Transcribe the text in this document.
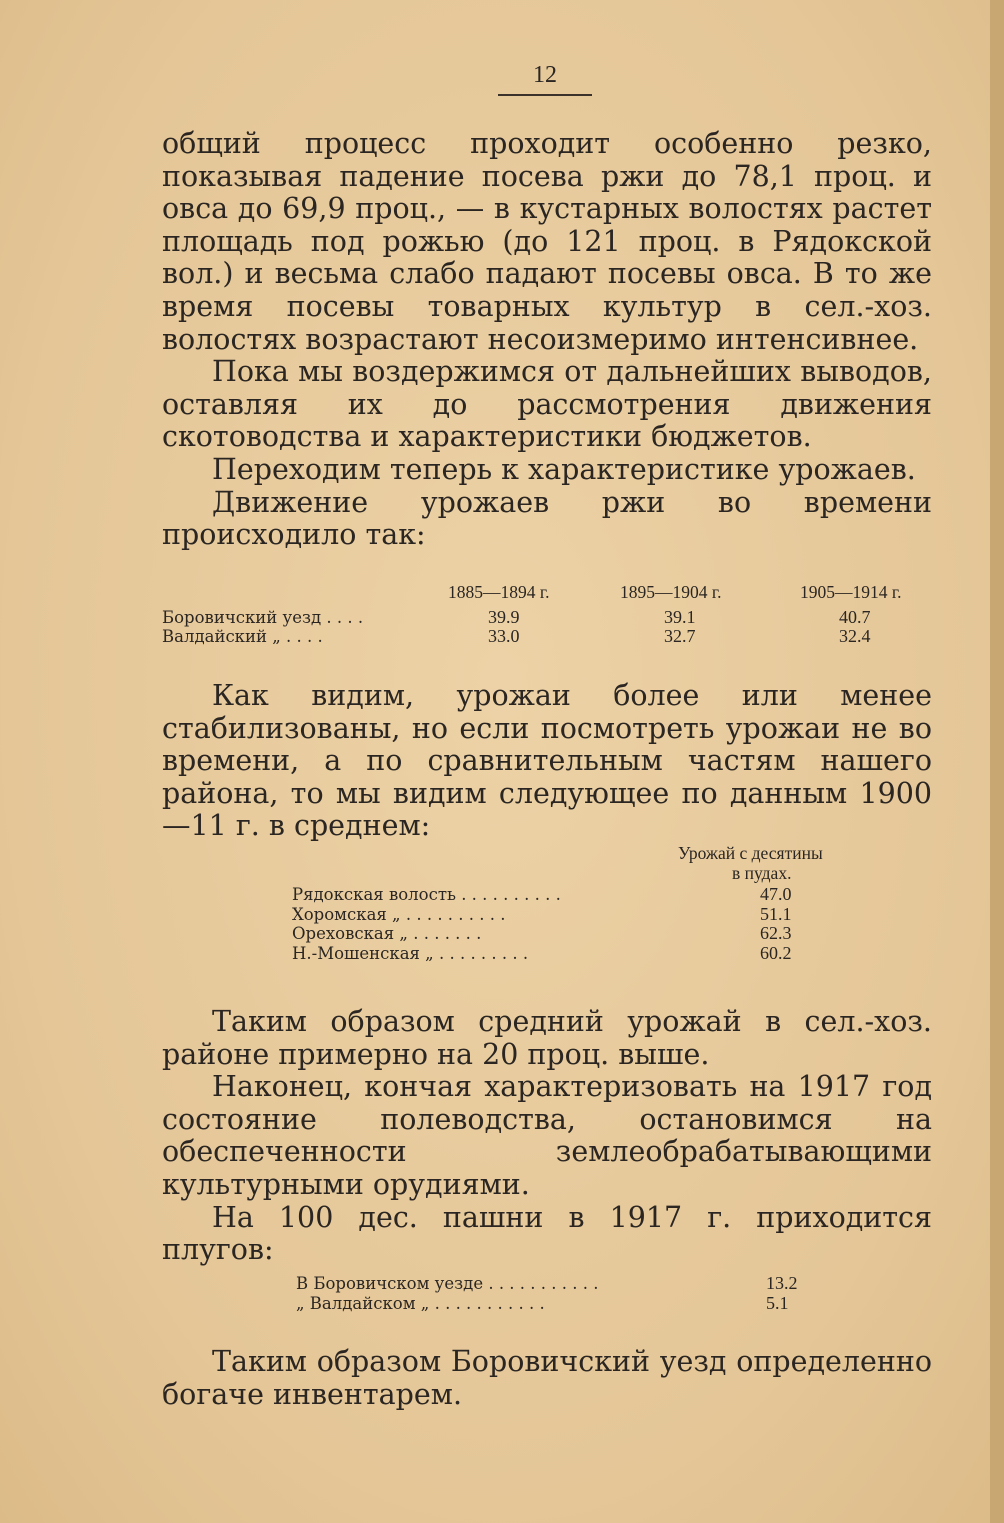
12

общий процесс проходит особенно резко, показывая падение посева ржи до 78,1 проц. и овса до 69,9 проц., — в кустарных волостях растет площадь под рожью (до 121 проц. в Рядокской вол.) и весьма слабо падают посевы овса. В то же время посевы товарных культур в сел.-хоз. волостях возрастают несоизмеримо интенсивнее.

Пока мы воздержимся от дальнейших выводов, оставляя их до рассмотрения движения скотоводства и характеристики бюджетов.

Переходим теперь к характеристике урожаев.

Движение урожаев ржи во времени происходило так:

1885—1894 г.	1895—1904 г.	1905—1914 г.
Боровичский уезд . . . .	39.9	39.1	40.7
Валдайский „ . . . .	33.0	32.7	32.4

Как видим, урожаи более или менее стабилизованы, но если посмотреть урожаи не во времени, а по сравнительным частям нашего района, то мы видим следующее по данным 1900—11 г. в среднем:

Урожай с десятины
в пудах.
Рядокская волость . . . . . . . . . .	47.0
Хоромская „ . . . . . . . . . .	51.1
Ореховская „ . . . . . . .	62.3
Н.-Мошенская „ . . . . . . . . .	60.2

Таким образом средний урожай в сел.-хоз. районе примерно на 20 проц. выше.

Наконец, кончая характеризовать на 1917 год состояние полеводства, остановимся на обеспеченности землеобрабатывающими культурными орудиями.

На 100 дес. пашни в 1917 г. приходится плугов:

В Боровичском уезде . . . . . . . . . . .	13.2
„ Валдайском „ . . . . . . . . . . .	5.1

Таким образом Боровичский уезд определенно богаче инвентарем.
